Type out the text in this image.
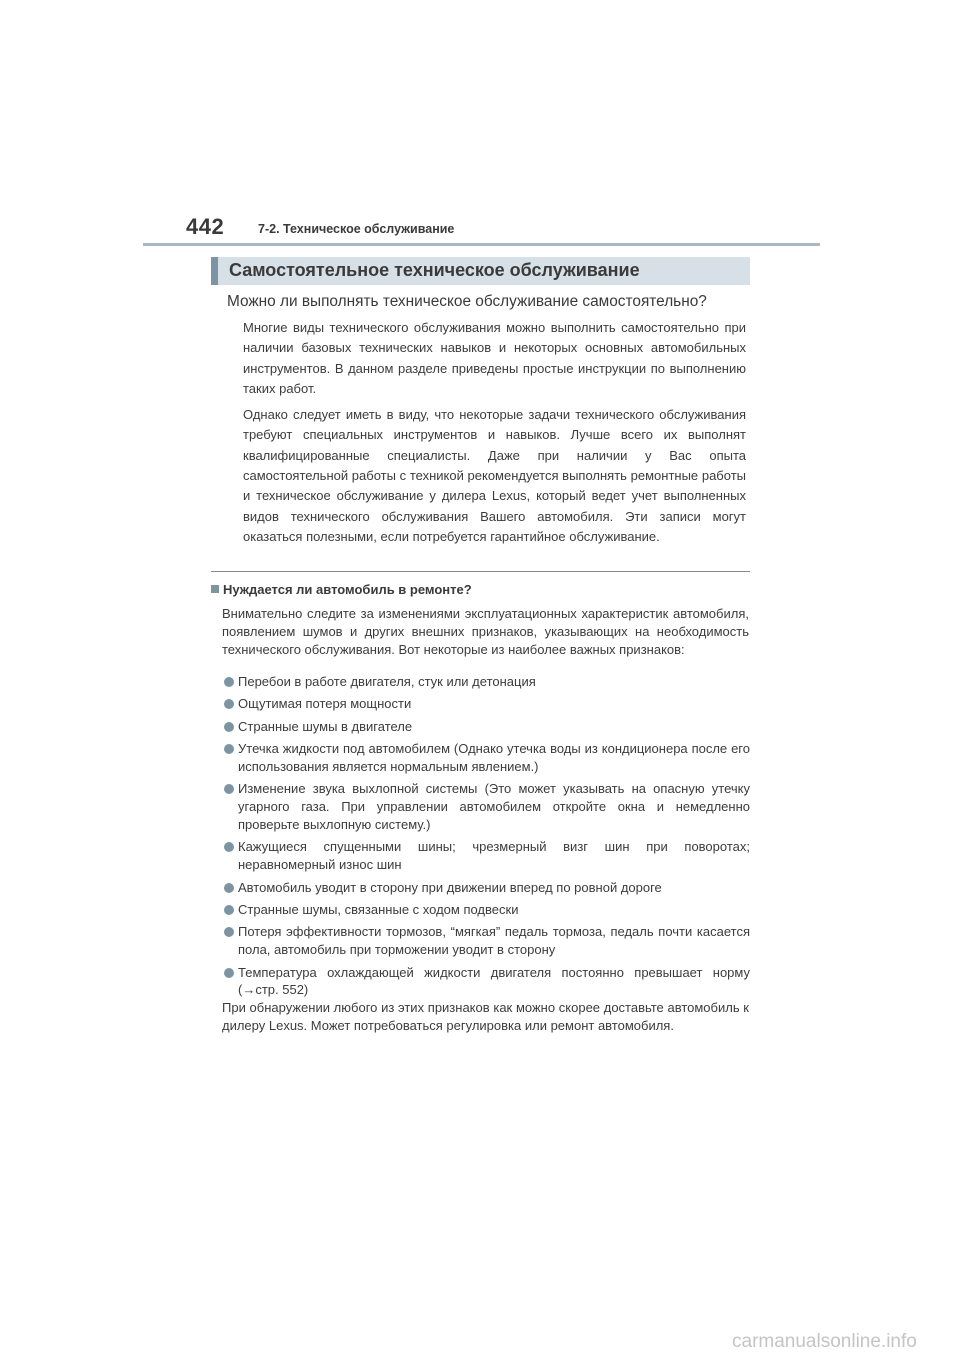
442	7-2. Техническое обслуживание
Самостоятельное техническое обслуживание
Можно ли выполнять техническое обслуживание самостоятельно?

Многие виды технического обслуживания можно выполнить самостоятельно при наличии базовых технических навыков и некоторых основных автомобильных инструментов. В данном разделе приведены простые инструкции по выполнению таких работ.

Однако следует иметь в виду, что некоторые задачи технического обслуживания требуют специальных инструментов и навыков. Лучше всего их выполнят квалифицированные специалисты. Даже при наличии у Вас опыта самостоятельной работы с техникой рекомендуется выполнять ремонтные работы и техническое обслуживание у дилера Lexus, который ведет учет выполненных видов технического обслуживания Вашего автомобиля. Эти записи могут оказаться полезными, если потребуется гарантийное обслуживание.

Нуждается ли автомобиль в ремонте?
Внимательно следите за изменениями эксплуатационных характеристик автомобиля, появлением шумов и других внешних признаков, указывающих на необходимость технического обслуживания. Вот некоторые из наиболее важных признаков:
Перебои в работе двигателя, стук или детонация
Ощутимая потеря мощности
Странные шумы в двигателе
Утечка жидкости под автомобилем (Однако утечка воды из кондиционера после его использования является нормальным явлением.)
Изменение звука выхлопной системы (Это может указывать на опасную утечку угарного газа. При управлении автомобилем откройте окна и немедленно проверьте выхлопную систему.)
Кажущиеся спущенными шины; чрезмерный визг шин при поворотах; неравномерный износ шин
Автомобиль уводит в сторону при движении вперед по ровной дороге
Странные шумы, связанные с ходом подвески
Потеря эффективности тормозов, “мягкая” педаль тормоза, педаль почти касается пола, автомобиль при торможении уводит в сторону
Температура охлаждающей жидкости двигателя постоянно превышает норму (→стр. 552)
При обнаружении любого из этих признаков как можно скорее доставьте автомобиль к дилеру Lexus. Может потребоваться регулировка или ремонт автомобиля.
carmanualsonline.info
